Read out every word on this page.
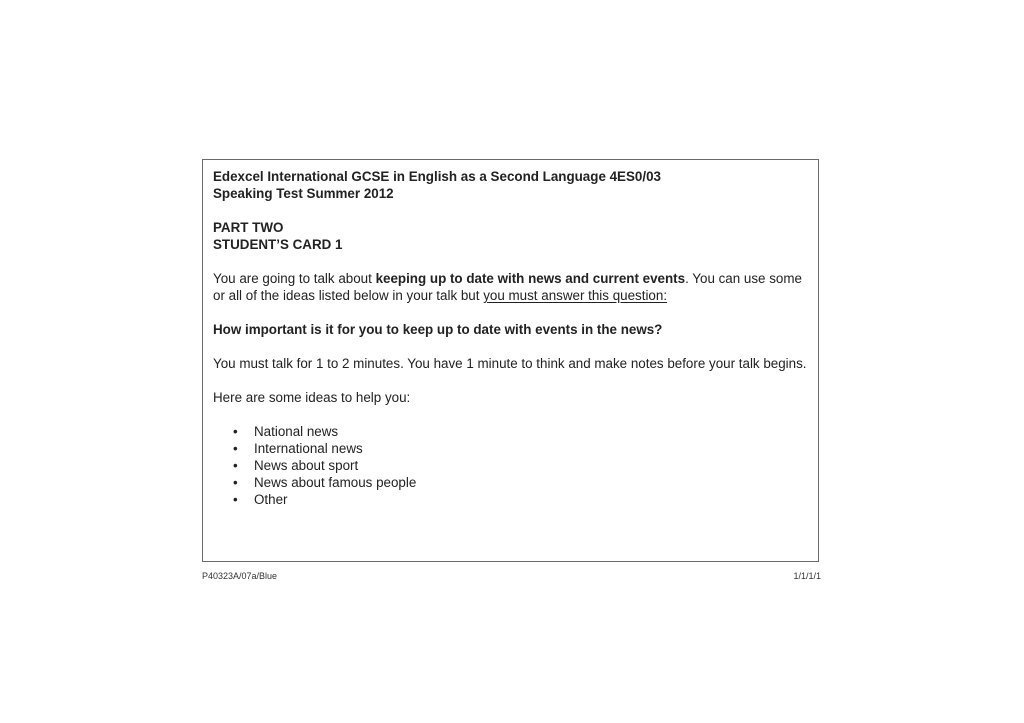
Edexcel International GCSE in English as a Second Language 4ES0/03
Speaking Test Summer 2012
PART TWO
STUDENT’S CARD 1
You are going to talk about keeping up to date with news and current events. You can use some
or all of the ideas listed below in your talk but you must answer this question:
How important is it for you to keep up to date with events in the news?
You must talk for 1 to 2 minutes. You have 1 minute to think and make notes before your talk begins.
Here are some ideas to help you:
•	National news
•	International news
•	News about sport
•	News about famous people
•	Other
P40323A/07a/Blue	1/1/1/1
